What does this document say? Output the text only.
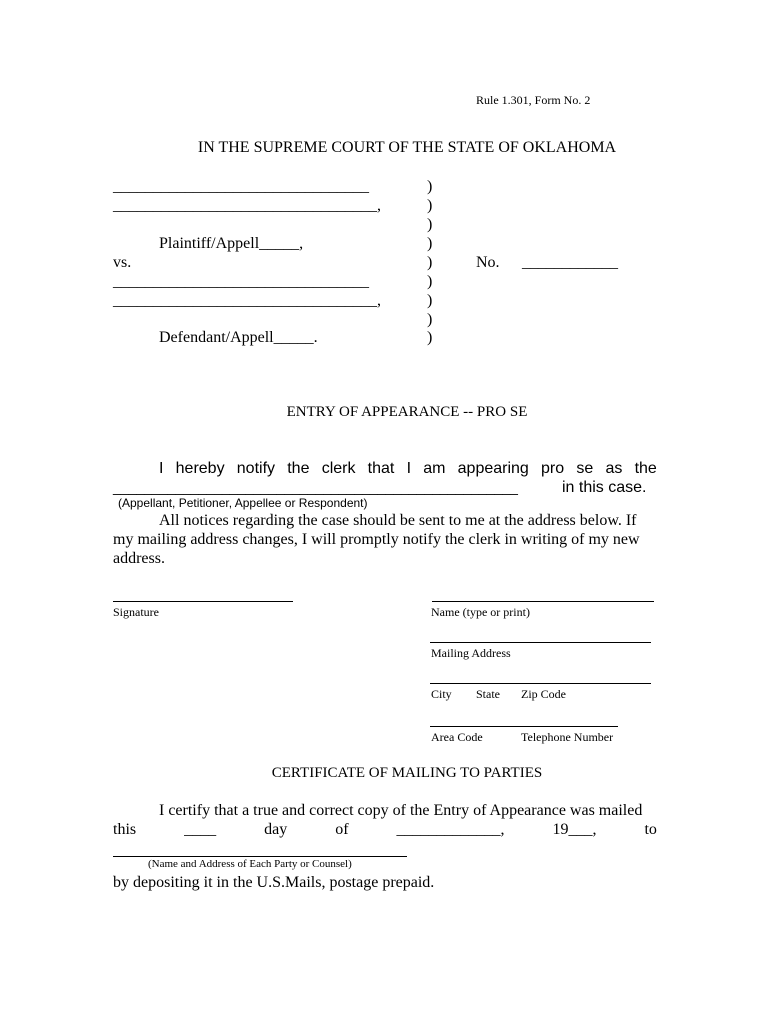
Rule 1.301, Form No. 2
IN THE SUPREME COURT OF THE STATE OF OKLAHOMA
________________________________
_________________________________,
Plaintiff/Appell_____,
vs.
________________________________
_________________________________,
Defendant/Appell_____.
)
)
)
)
)
)
)
)
)
No. ____________
ENTRY OF APPEARANCE -- PRO SE
I hereby notify the clerk that I am appearing pro se as the
____________________________________________________	in this case.
(Appellant, Petitioner, Appellee or Respondent)
All notices regarding the case should be sent to me at the address below. If
my mailing address changes, I will promptly notify the clerk in writing of my new
address.
Signature	Name (type or print)
Mailing Address
City State Zip Code
Area Code	Telephone Number
CERTIFICATE OF MAILING TO PARTIES
I certify that a true and correct copy of the Entry of Appearance was mailed
this	____	day	of	_____________,	19___,	to
(Name and Address of Each Party or Counsel)
by depositing it in the U.S.Mails, postage prepaid.
